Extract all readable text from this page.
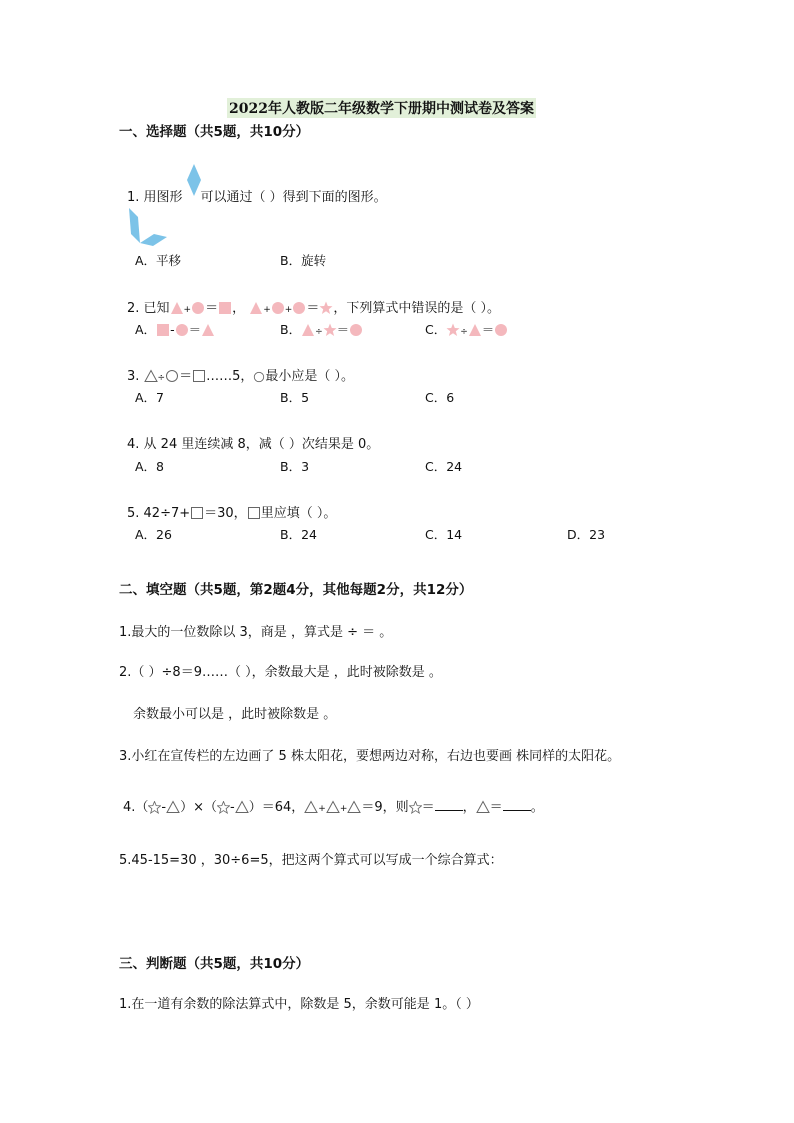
2022年人教版二年级数学下册期中测试卷及答案
一、选择题（共5题，共10分）
1. 用图形 可以通过（ ）得到下面的图形。
A．平移	B．旋转
2. 已知 + ＝ ， + + ＝ ，下列算式中错误的是（ ）。
A． - ＝	B． ÷ ＝	C． ÷ ＝
3. ÷ ＝ ……5， 最小应是（ ）。
A．7	B．5	C．6
4. 从 24 里连续减 8，减（ ）次结果是 0。
A．8	B．3	C．24
5. 42÷7+ ＝30， 里应填（ ）。
A．26	B．24	C．14	D．23
二、填空题（共5题，第2题4分，其他每题2分，共12分）
1.最大的一位数除以 3，商是 ，算式是 ÷ ＝ 。
2.（ ）÷8＝9……（ ），余数最大是 ，此时被除数是 。
余数最小可以是 ，此时被除数是 。
3.小红在宣传栏的左边画了 5 株太阳花，要想两边对称，右边也要画 株同样的太阳花。
4.（ - ）×（ - ）＝64， + + ＝9，则 ＝ ， ＝ 。
5.45-15=30 ，30÷6=5，把这两个算式可以写成一个综合算式：
三、判断题（共5题，共10分）
1.在一道有余数的除法算式中，除数是 5，余数可能是 1。（ ）
